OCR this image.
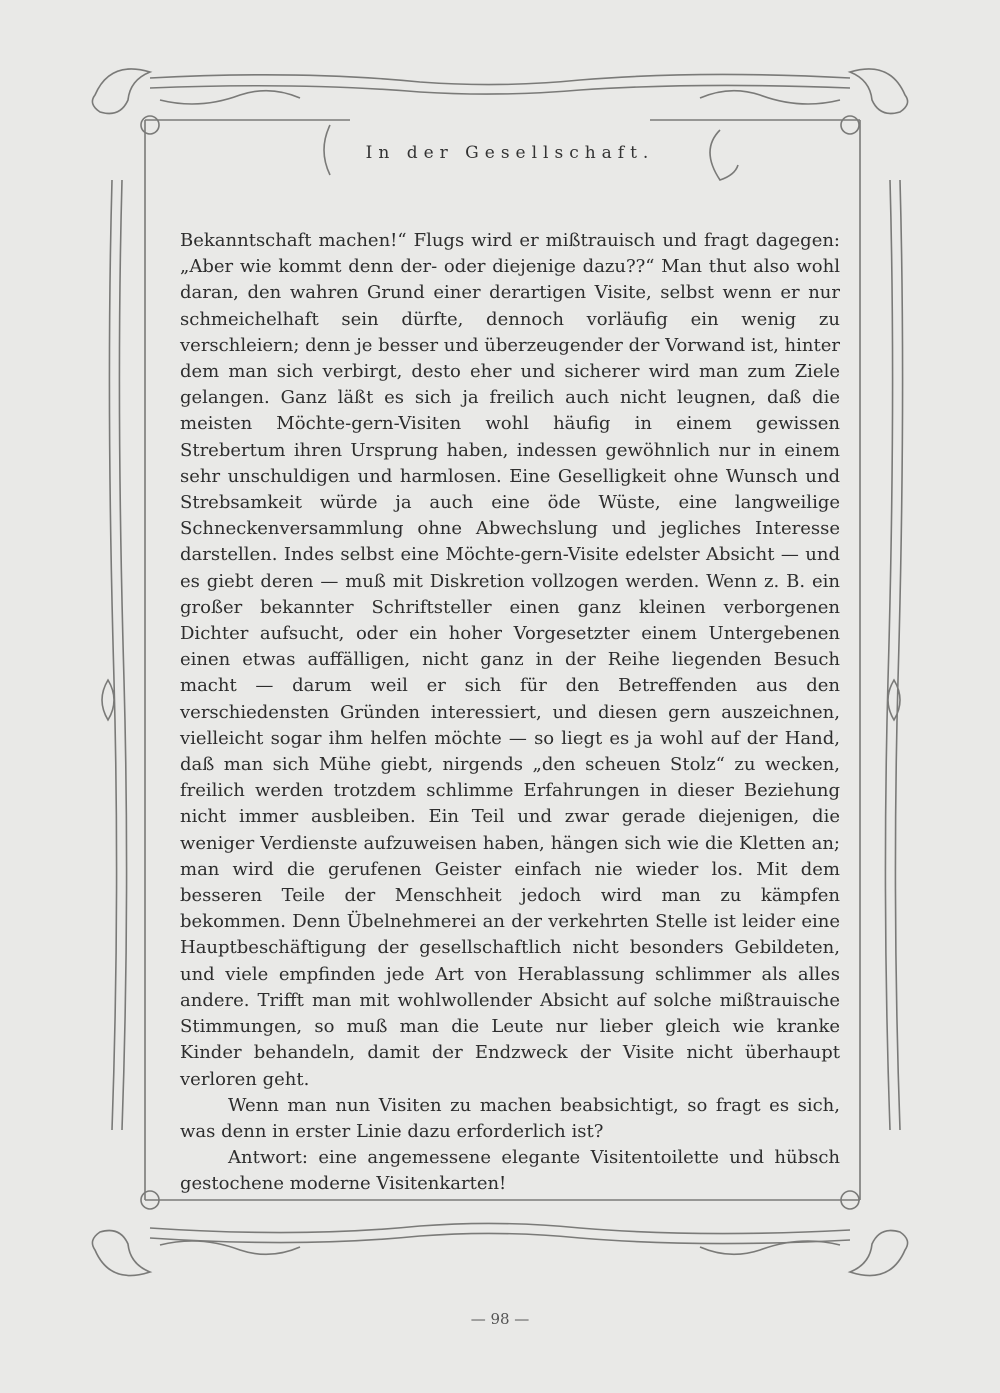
In der Gesellschaft.

Bekanntschaft machen!“ Flugs wird er mißtrauisch und fragt dagegen: „Aber wie kommt denn der- oder diejenige dazu??“ Man thut also wohl daran, den wahren Grund einer derartigen Visite, selbst wenn er nur schmeichelhaft sein dürfte, dennoch vorläufig ein wenig zu verschleiern; denn je besser und überzeugender der Vorwand ist, hinter dem man sich verbirgt, desto eher und sicherer wird man zum Ziele gelangen. Ganz läßt es sich ja freilich auch nicht leugnen, daß die meisten Möchte-gern-Visiten wohl häufig in einem gewissen Strebertum ihren Ursprung haben, indessen gewöhnlich nur in einem sehr unschuldigen und harmlosen. Eine Geselligkeit ohne Wunsch und Strebsamkeit würde ja auch eine öde Wüste, eine langweilige Schneckenversammlung ohne Abwechslung und jegliches Interesse darstellen. Indes selbst eine Möchte-gern-Visite edelster Absicht — und es giebt deren — muß mit Diskretion vollzogen werden. Wenn z. B. ein großer bekannter Schriftsteller einen ganz kleinen verborgenen Dichter aufsucht, oder ein hoher Vorgesetzter einem Untergebenen einen etwas auffälligen, nicht ganz in der Reihe liegenden Besuch macht — darum weil er sich für den Betreffenden aus den verschiedensten Gründen interessiert, und diesen gern auszeichnen, vielleicht sogar ihm helfen möchte — so liegt es ja wohl auf der Hand, daß man sich Mühe giebt, nirgends „den scheuen Stolz“ zu wecken, freilich werden trotzdem schlimme Erfahrungen in dieser Beziehung nicht immer ausbleiben. Ein Teil und zwar gerade diejenigen, die weniger Verdienste aufzuweisen haben, hängen sich wie die Kletten an; man wird die gerufenen Geister einfach nie wieder los. Mit dem besseren Teile der Menschheit jedoch wird man zu kämpfen bekommen. Denn Übelnehmerei an der verkehrten Stelle ist leider eine Hauptbeschäftigung der gesellschaftlich nicht besonders Gebildeten, und viele empfinden jede Art von Herablassung schlimmer als alles andere. Trifft man mit wohlwollender Absicht auf solche mißtrauische Stimmungen, so muß man die Leute nur lieber gleich wie kranke Kinder behandeln, damit der Endzweck der Visite nicht überhaupt verloren geht.

Wenn man nun Visiten zu machen beabsichtigt, so fragt es sich, was denn in erster Linie dazu erforderlich ist?

Antwort: eine angemessene elegante Visitentoilette und hübsch gestochene moderne Visitenkarten!

— 98 —
